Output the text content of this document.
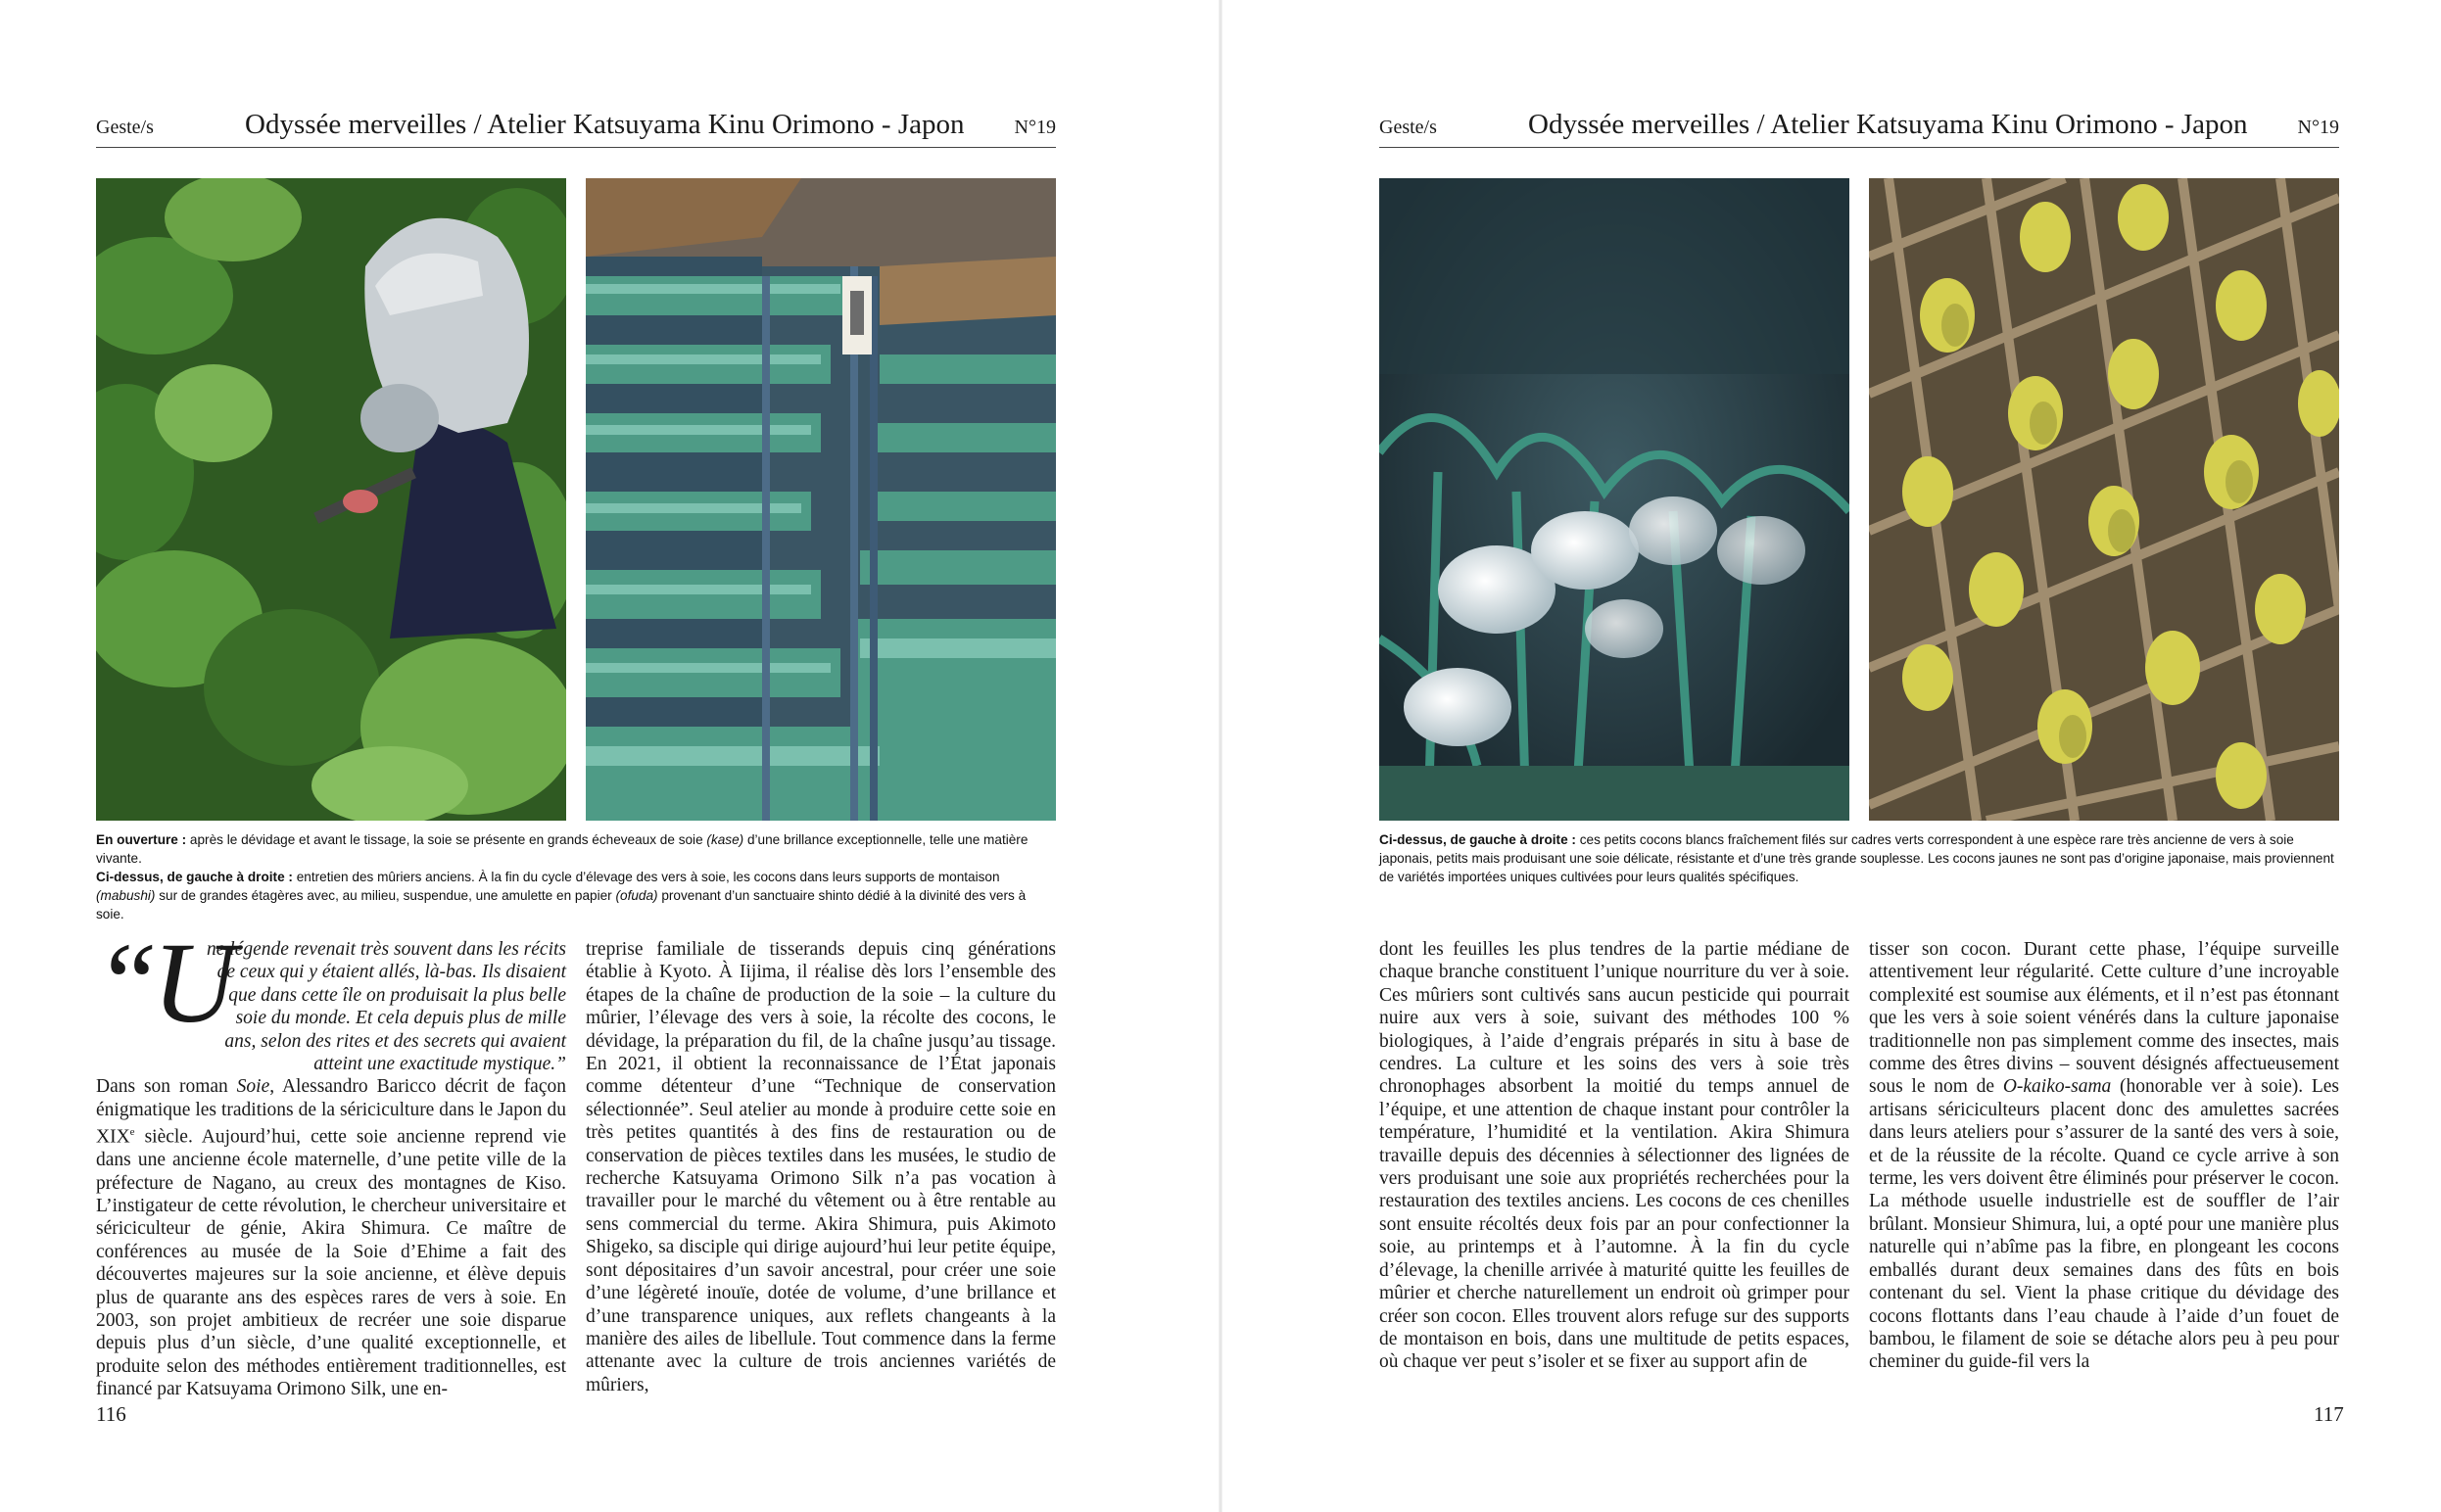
Geste/s	Odyssée merveilles / Atelier Katsuyama Kinu Orimono - Japon	N°19
En ouverture : après le dévidage et avant le tissage, la soie se présente en grands écheveaux de soie (kase) d’une brillance exceptionnelle, telle une matière vivante.
Ci-dessus, de gauche à droite : entretien des mûriers anciens. À la fin du cycle d’élevage des vers à soie, les cocons dans leurs supports de montaison (mabushi) sur de grandes étagères avec, au milieu, suspendue, une amulette en papier (ofuda) provenant d’un sanctuaire shinto dédié à la divinité des vers à soie.
“U

ne légende revenait très souvent dans les récits de ceux qui y étaient allés, là-bas. Ils disaient que dans cette île on produisait la plus belle soie du monde. Et cela depuis plus de mille ans, selon des rites et des secrets qui avaient atteint une exactitude mystique.”

Dans son roman Soie, Alessandro Baricco décrit de façon énigmatique les traditions de la sériciculture dans le Japon du XIXe siècle. Aujourd’hui, cette soie ancienne reprend vie dans une ancienne école maternelle, d’une petite ville de la préfecture de Nagano, au creux des montagnes de Kiso. L’instigateur de cette révolution, le chercheur universitaire et sériciculteur de génie, Akira Shimura. Ce maître de conférences au musée de la Soie d’Ehime a fait des découvertes majeures sur la soie ancienne, et élève depuis plus de quarante ans des espèces rares de vers à soie. En 2003, son projet ambitieux de recréer une soie disparue depuis plus d’un siècle, d’une qualité exceptionnelle, et produite selon des méthodes entièrement traditionnelles, est financé par Katsuyama Orimono Silk, une en-

treprise familiale de tisserands depuis cinq générations établie à Kyoto. À Iijima, il réalise dès lors l’ensemble des étapes de la chaîne de production de la soie – la culture du mûrier, l’élevage des vers à soie, la récolte des cocons, le dévidage, la préparation du fil, de la chaîne jusqu’au tissage. En 2021, il obtient la reconnaissance de l’État japonais comme détenteur d’une “Technique de conservation sélectionnée”. Seul atelier au monde à produire cette soie en très petites quantités à des fins de restauration ou de conservation de pièces textiles dans les musées, le studio de recherche Katsuyama Orimono Silk n’a pas vocation à travailler pour le marché du vêtement ou à être rentable au sens commercial du terme. Akira Shimura, puis Akimoto Shigeko, sa disciple qui dirige aujourd’hui leur petite équipe, sont dépositaires d’un savoir ancestral, pour créer une soie d’une légèreté inouïe, dotée de volume, d’une brillance et d’une transparence uniques, aux reflets changeants à la manière des ailes de libellule. Tout commence dans la ferme attenante avec la culture de trois anciennes variétés de mûriers,

116
Geste/s	Odyssée merveilles / Atelier Katsuyama Kinu Orimono - Japon	N°19
Ci-dessus, de gauche à droite : ces petits cocons blancs fraîchement filés sur cadres verts correspondent à une espèce rare très ancienne de vers à soie japonais, petits mais produisant une soie délicate, résistante et d’une très grande souplesse. Les cocons jaunes ne sont pas d’origine japonaise, mais proviennent de variétés importées uniques cultivées pour leurs qualités spécifiques.

dont les feuilles les plus tendres de la partie médiane de chaque branche constituent l’unique nourriture du ver à soie. Ces mûriers sont cultivés sans aucun pesticide qui pourrait nuire aux vers à soie, suivant des méthodes 100 % biologiques, à l’aide d’engrais préparés in situ à base de cendres. La culture et les soins des vers à soie très chronophages absorbent la moitié du temps annuel de l’équipe, et une attention de chaque instant pour contrôler la température, l’humidité et la ventilation. Akira Shimura travaille depuis des décennies à sélectionner des lignées de vers produisant une soie aux propriétés recherchées pour la restauration des textiles anciens. Les cocons de ces chenilles sont ensuite récoltés deux fois par an pour confectionner la soie, au printemps et à l’automne. À la fin du cycle d’élevage, la chenille arrivée à maturité quitte les feuilles de mûrier et cherche naturellement un endroit où grimper pour créer son cocon. Elles trouvent alors refuge sur des supports de montaison en bois, dans une multitude de petits espaces, où chaque ver peut s’isoler et se fixer au support afin de

tisser son cocon. Durant cette phase, l’équipe surveille attentivement leur régularité. Cette culture d’une incroyable complexité est soumise aux éléments, et il n’est pas étonnant que les vers à soie soient vénérés dans la culture japonaise traditionnelle non pas simplement comme des insectes, mais comme des êtres divins – souvent désignés affectueusement sous le nom de O-kaiko-sama (honorable ver à soie). Les artisans sériciculteurs placent donc des amulettes sacrées dans leurs ateliers pour s’assurer de la santé des vers à soie, et de la réussite de la récolte. Quand ce cycle arrive à son terme, les vers doivent être éliminés pour préserver le cocon. La méthode usuelle industrielle est de souffler de l’air brûlant. Monsieur Shimura, lui, a opté pour une manière plus naturelle qui n’abîme pas la fibre, en plongeant les cocons emballés durant deux semaines dans des fûts en bois contenant du sel. Vient la phase critique du dévidage des cocons flottants dans l’eau chaude à l’aide d’un fouet de bambou, le filament de soie se détache alors peu à peu pour cheminer du guide-fil vers la

117
